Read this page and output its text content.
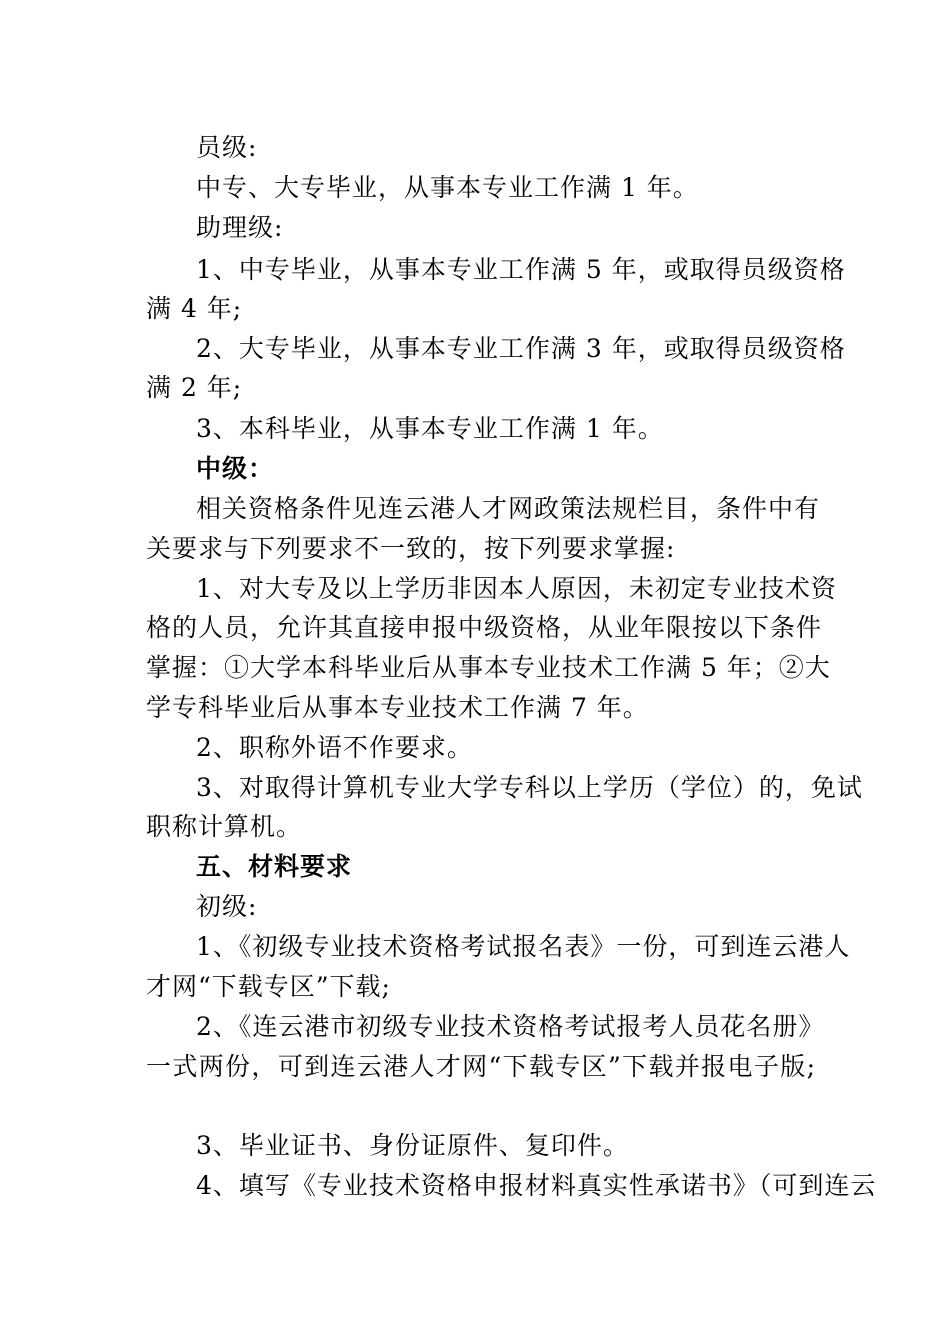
员级:
中专、大专毕业，从事本专业工作满 1 年。
助理级:
1、中专毕业，从事本专业工作满 5 年，或取得员级资格
满 4 年;
2、大专毕业，从事本专业工作满 3 年，或取得员级资格
满 2 年;
3、本科毕业，从事本专业工作满 1 年。
中级：
相关资格条件见连云港人才网政策法规栏目，条件中有
关要求与下列要求不一致的，按下列要求掌握:
1、对大专及以上学历非因本人原因，未初定专业技术资
格的人员，允许其直接申报中级资格，从业年限按以下条件
掌握：①大学本科毕业后从事本专业技术工作满 5 年；②大
学专科毕业后从事本专业技术工作满 7 年。
2、职称外语不作要求。
3、对取得计算机专业大学专科以上学历（学位）的，免试
职称计算机。
五、材料要求
初级:
1、《初级专业技术资格考试报名表》一份，可到连云港人
才网“下载专区”下载;
2、《连云港市初级专业技术资格考试报考人员花名册》
一式两份，可到连云港人才网“下载专区”下载并报电子版;
3、毕业证书、身份证原件、复印件。
4、填写《专业技术资格申报材料真实性承诺书》（可到连云
